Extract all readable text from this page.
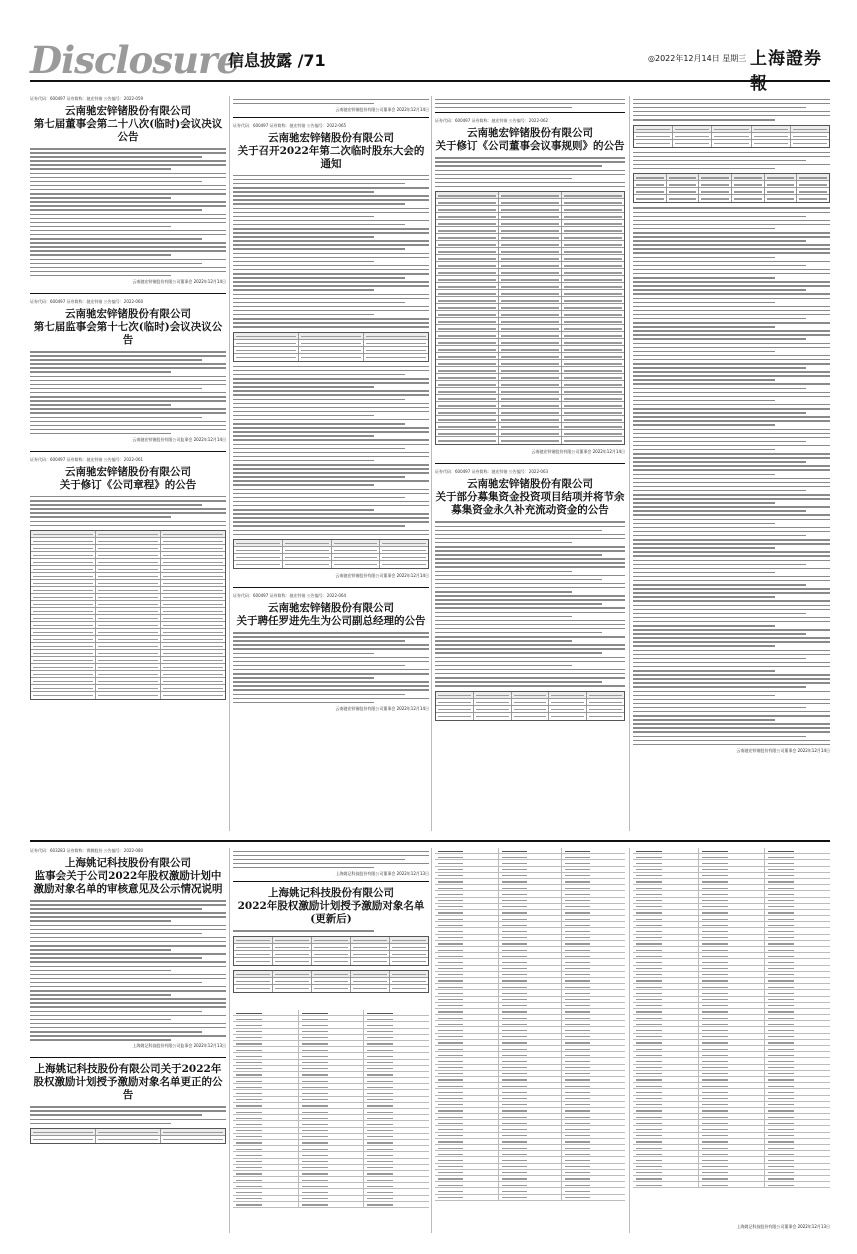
Disclosure
信息披露 /71	◎2022年12月14日 星期三 上海證券報
证券代码：600497 证券简称：驰宏锌锗 公告编号：2022-059
云南驰宏锌锗股份有限公司
第七届董事会第二十八次(临时)会议决议公告
云南驰宏锌锗股份有限公司董事会 2022年12月14日
证券代码：600497 证券简称：驰宏锌锗 公告编号：2022-060
云南驰宏锌锗股份有限公司
第七届监事会第十七次(临时)会议决议公告
云南驰宏锌锗股份有限公司监事会 2022年12月14日
证券代码：600497 证券简称：驰宏锌锗 公告编号：2022-061
云南驰宏锌锗股份有限公司
关于修订《公司章程》的公告
云南驰宏锌锗股份有限公司董事会 2022年12月14日
证券代码：600497 证券简称：驰宏锌锗 公告编号：2022-065
云南驰宏锌锗股份有限公司
关于召开2022年第二次临时股东大会的通知
云南驰宏锌锗股份有限公司董事会 2022年12月14日
证券代码：600497 证券简称：驰宏锌锗 公告编号：2022-064
云南驰宏锌锗股份有限公司
关于聘任罗进先生为公司副总经理的公告
云南驰宏锌锗股份有限公司董事会 2022年12月14日
证券代码：600497 证券简称：驰宏锌锗 公告编号：2022-062
云南驰宏锌锗股份有限公司
关于修订《公司董事会议事规则》的公告
云南驰宏锌锗股份有限公司董事会 2022年12月14日
证券代码：600497 证券简称：驰宏锌锗 公告编号：2022-063
云南驰宏锌锗股份有限公司
关于部分募集资金投资项目结项并将节余募集资金永久补充流动资金的公告
云南驰宏锌锗股份有限公司董事会 2022年12月14日
证券代码：603283 证券简称：赛腾股份 公告编号：2022-080
上海姚记科技股份有限公司
监事会关于公司2022年股权激励计划中激励对象名单的审核意见及公示情况说明
上海姚记科技股份有限公司监事会 2022年12月13日
上海姚记科技股份有限公司关于2022年股权激励计划授予激励对象名单更正的公告
上海姚记科技股份有限公司董事会 2022年12月13日
上海姚记科技股份有限公司
2022年股权激励计划授予激励对象名单(更新后)
上海姚记科技股份有限公司董事会 2022年12月13日
